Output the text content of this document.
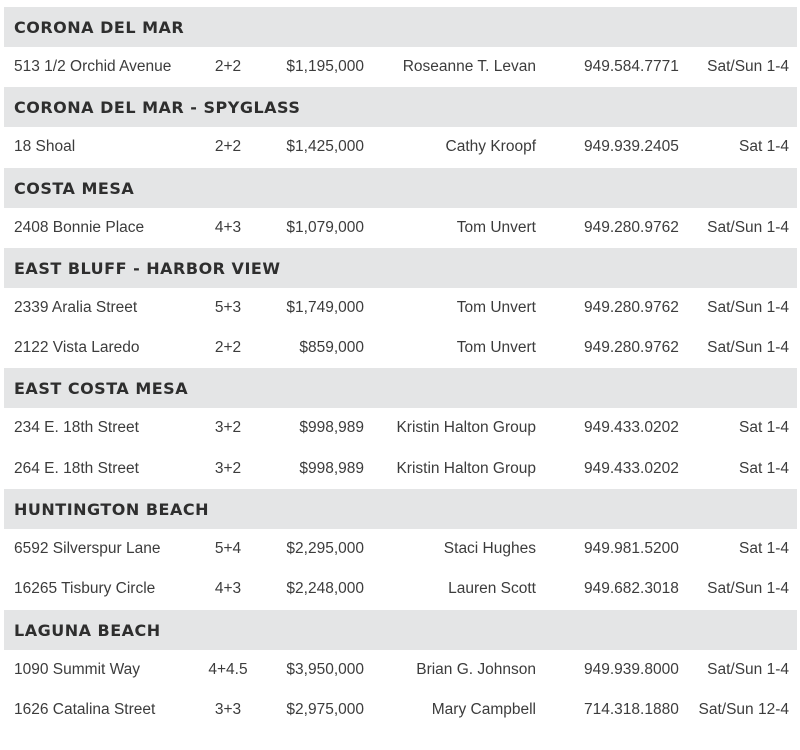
CORONA DEL MAR
513 1/2 Orchid Avenue	2+2	$1,195,000 Roseanne T. Levan	949.584.7771 Sat/Sun 1-4
CORONA DEL MAR - SPYGLASS
18 Shoal	2+2	$1,425,000	Cathy Kroopf	949.939.2405	Sat 1-4
COSTA MESA
2408 Bonnie Place	4+3	$1,079,000	Tom Unvert	949.280.9762 Sat/Sun 1-4
EAST BLUFF - HARBOR VIEW
2339 Aralia Street	5+3	$1,749,000	Tom Unvert	949.280.9762 Sat/Sun 1-4
2122 Vista Laredo	2+2	$859,000	Tom Unvert	949.280.9762 Sat/Sun 1-4
EAST COSTA MESA
234 E. 18th Street	3+2	$998,989 Kristin Halton Group	949.433.0202	Sat 1-4
264 E. 18th Street	3+2	$998,989 Kristin Halton Group	949.433.0202	Sat 1-4
HUNTINGTON BEACH
6592 Silverspur Lane	5+4	$2,295,000	Staci Hughes	949.981.5200	Sat 1-4
16265 Tisbury Circle	4+3	$2,248,000	Lauren Scott	949.682.3018 Sat/Sun 1-4
LAGUNA BEACH
1090 Summit Way	4+4.5	$3,950,000	Brian G. Johnson	949.939.8000 Sat/Sun 1-4
1626 Catalina Street	3+3	$2,975,000	Mary Campbell	714.318.1880 Sat/Sun 12-4
